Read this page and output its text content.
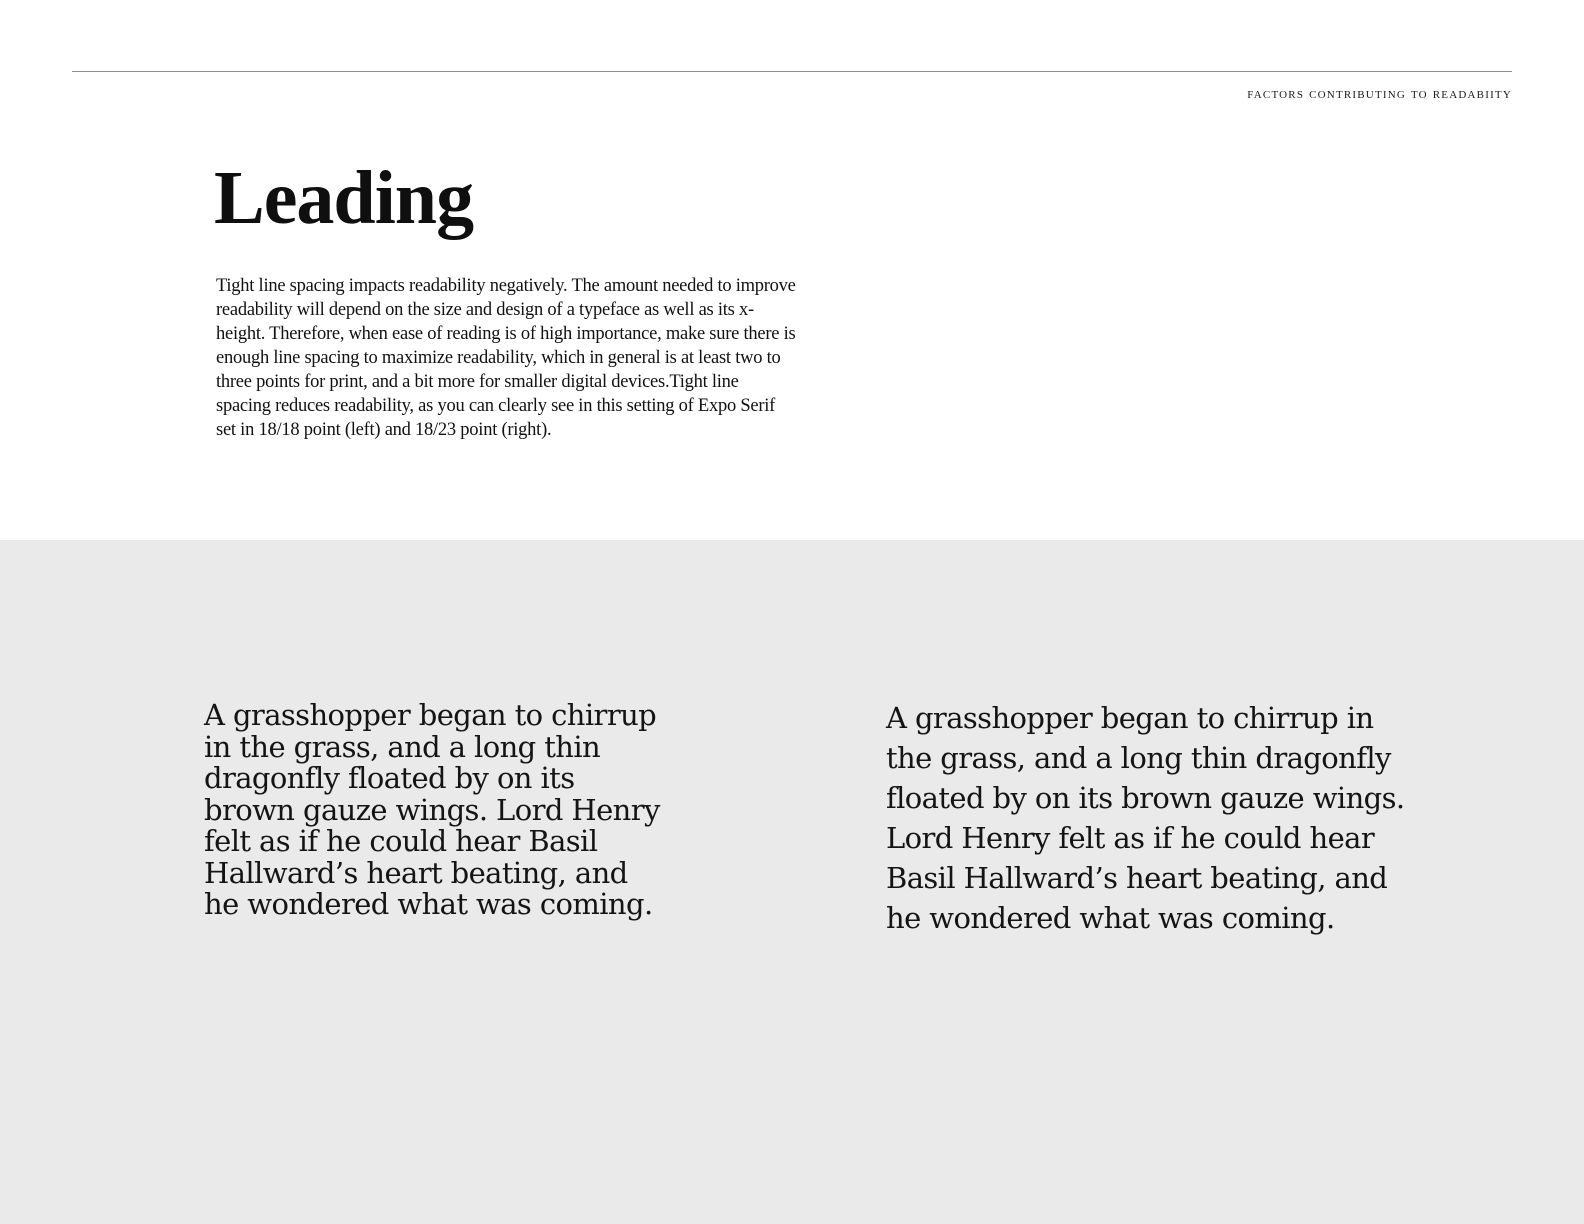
factors contributing to readabiity
Leading

Tight line spacing impacts readability negatively. The amount needed to improve readability will depend on the size and design of a typeface as well as its x-height. Therefore, when ease of reading is of high importance, make sure there is enough line spacing to maximize readability, which in general is at least two to three points for print, and a bit more for smaller digital devices.Tight line spacing reduces readability, as you can clearly see in this setting of Expo Serif set in 18/18 point (left) and 18/23 point (right).

A grasshopper began to chirrup in the grass, and a long thin dragonfly floated by on its brown gauze wings. Lord Henry felt as if he could hear Basil Hallward’s heart beating, and he wondered what was coming.

A grasshopper began to chirrup in the grass, and a long thin dragonfly floated by on its brown gauze wings. Lord Henry felt as if he could hear Basil Hallward’s heart beating, and he wondered what was coming.
